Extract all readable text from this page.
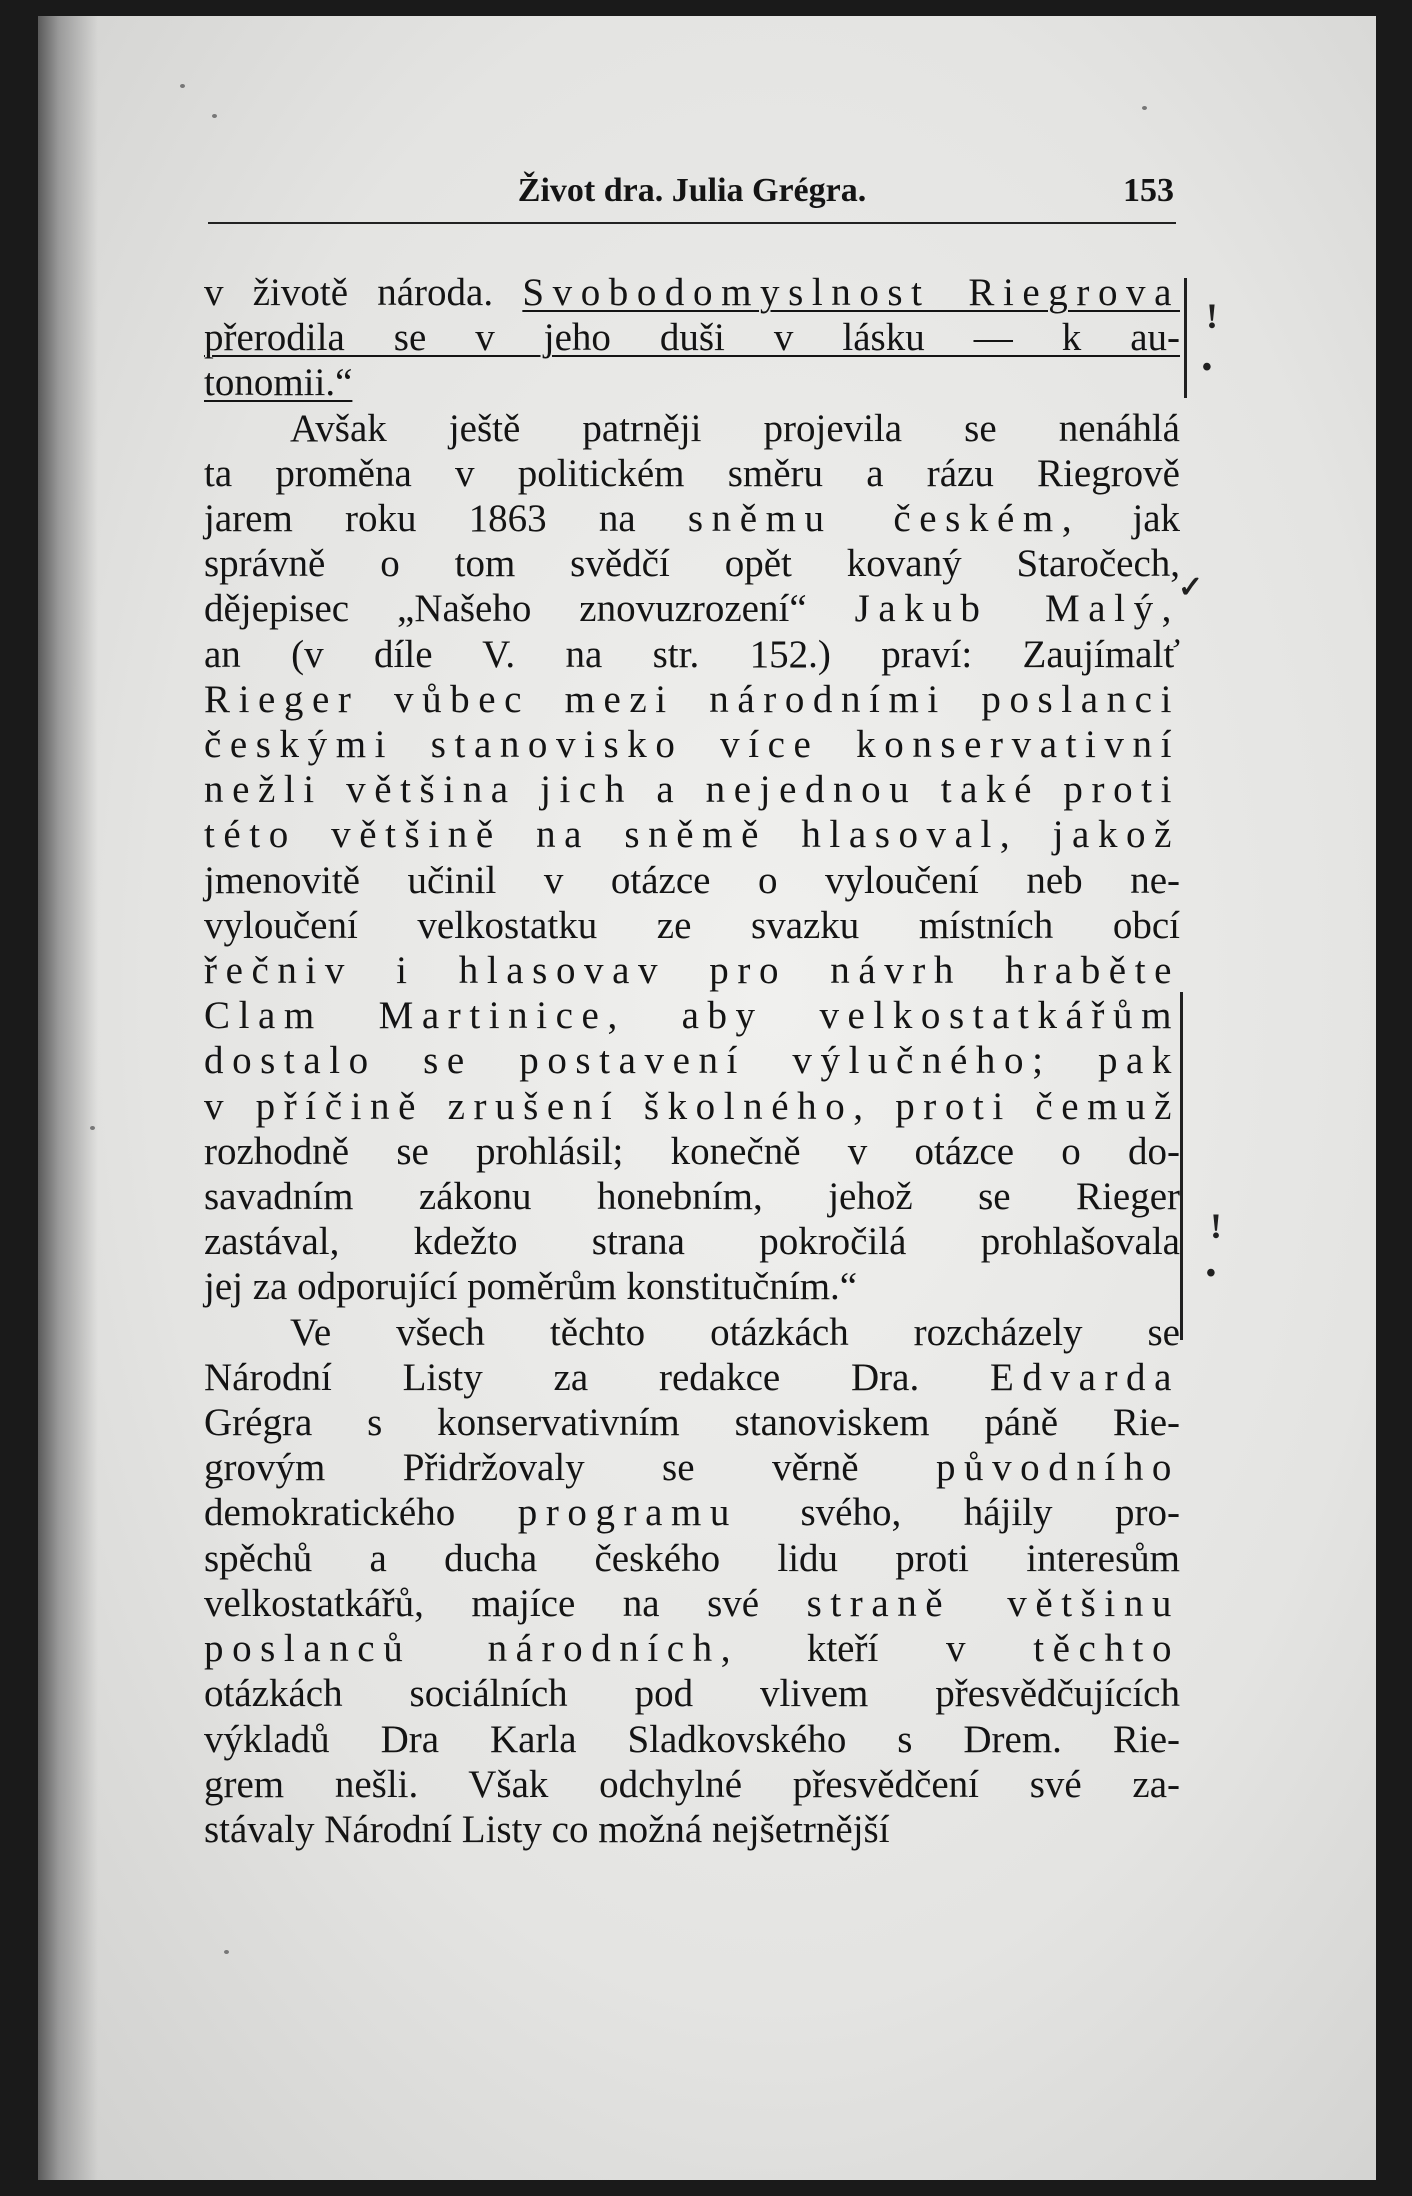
Život dra. Julia Grégra.	153
v životě národa. Svobodomyslnost Riegrova
přerodila se v jeho duši v lásku — k au-
tonomii.“
Avšak ještě patrněji projevila se nenáhlá
ta proměna v politickém směru a rázu Riegrově
jarem roku 1863 na sněmu českém, jak
správně o tom svědčí opět kovaný Staročech,
dějepisec „Našeho znovuzrození“ Jakub Malý,
an (v díle V. na str. 152.) praví: Zaujímalť
Rieger vůbec mezi národními poslanci
českými stanovisko více konservativní
nežli většina jich a nejednou také proti
této většině na sněmě hlasoval, jakož
jmenovitě učinil v otázce o vyloučení neb ne-
vyloučení velkostatku ze svazku místních obcí
řečniv i hlasovav pro návrh hraběte
Clam Martinice, aby velkostatkářům
dostalo se postavení výlučného; pak
v příčině zrušení školného, proti čemuž
rozhodně se prohlásil; konečně v otázce o do-
savadním zákonu honebním, jehož se Rieger
zastával, kdežto strana pokročilá prohlašovala
jej za odporující poměrům konstitučním.“
Ve všech těchto otázkách rozcházely se
Národní Listy za redakce Dra. Edvarda
Grégra s konservativním stanoviskem páně Rie-
grovým Přidržovaly se věrně původního
demokratického programu svého, hájily pro-
spěchů a ducha českého lidu proti interesům
velkostatkářů, majíce na své straně většinu
poslanců národních, kteří v těchto
otázkách sociálních pod vlivem přesvědčujících
výkladů Dra Karla Sladkovského s Drem. Rie-
grem nešli. Však odchylné přesvědčení své za-
stávaly Národní Listy co možná nejšetrnější
!
•
✓
!
•
